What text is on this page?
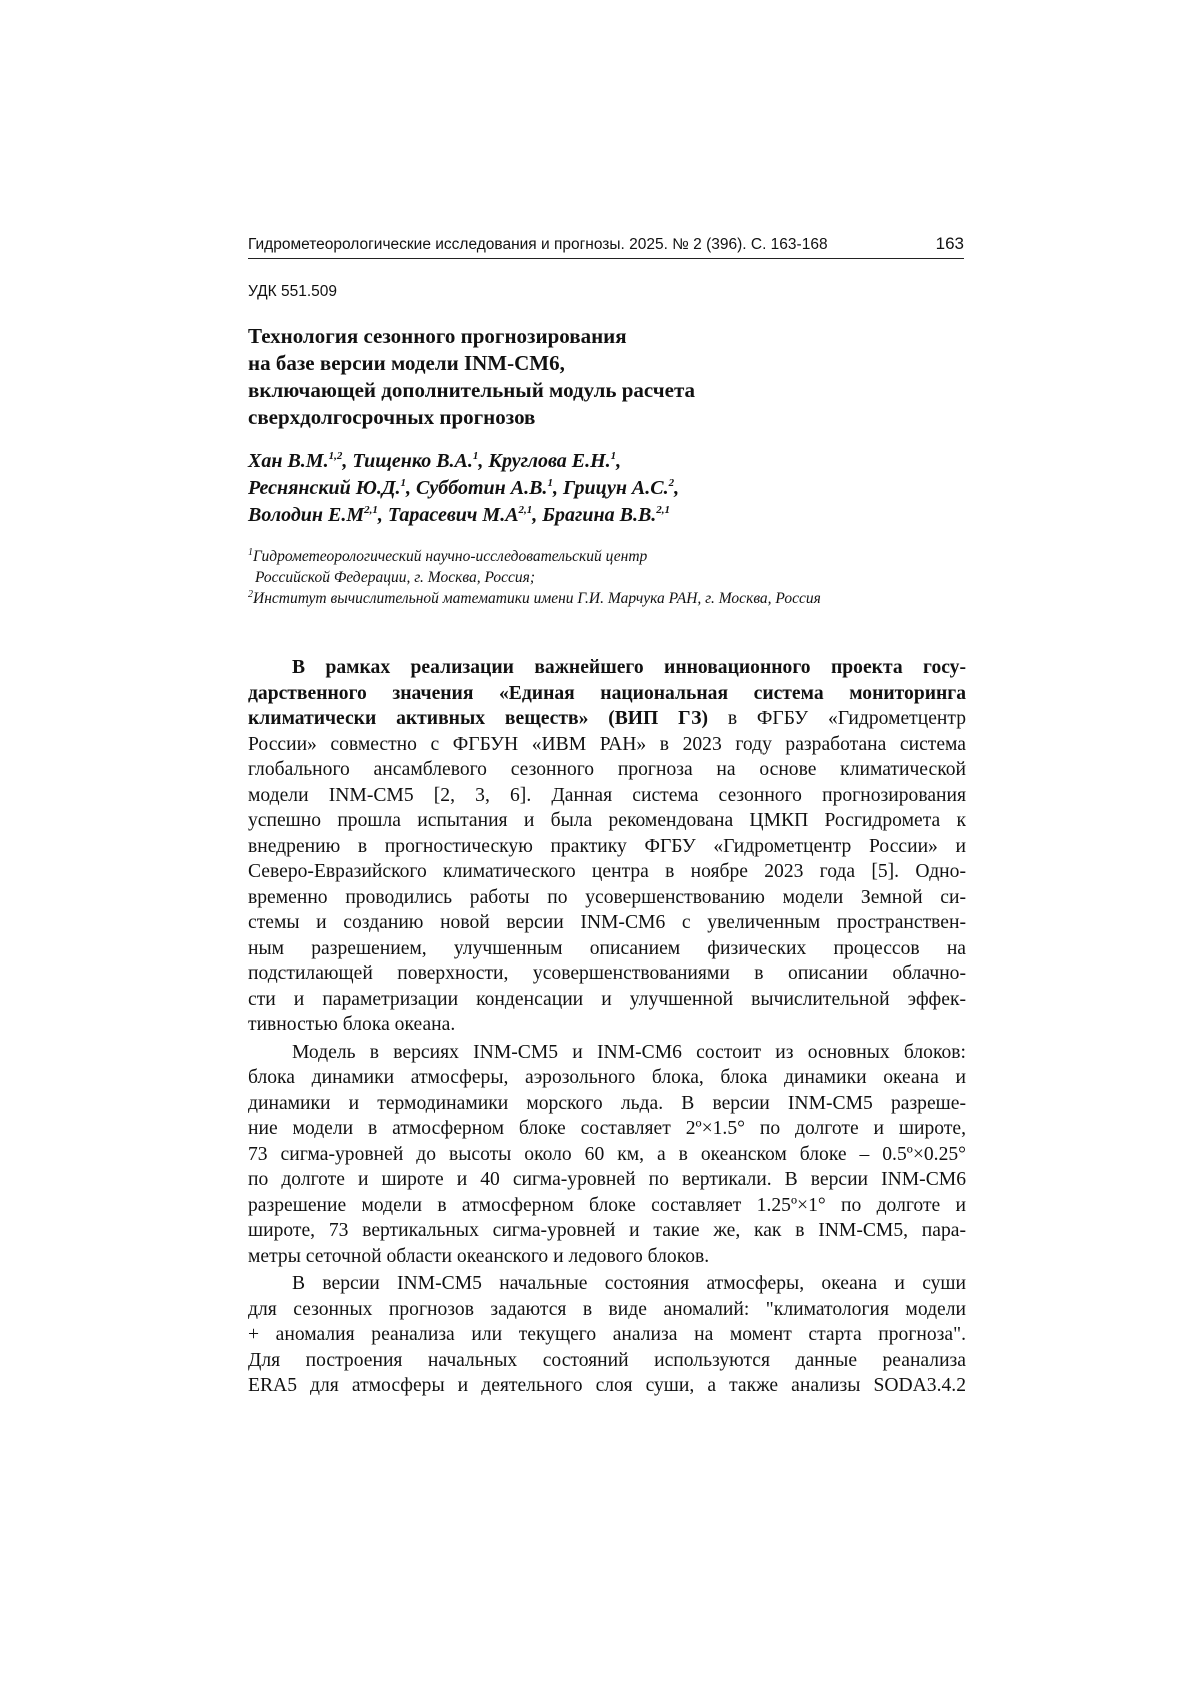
Гидрометеорологические исследования и прогнозы. 2025. № 2 (396). С. 163-168	163
УДК 551.509
Технология сезонного прогнозирования
на базе версии модели INM-CM6,
включающей дополнительный модуль расчета
сверхдолгосрочных прогнозов
Хан В.М.$^{1,2}$, Тищенко В.А.$^1$, Круглова Е.Н.$^1$,
Реснянский Ю.Д.$^1$, Субботин А.В.$^1$, Грицун А.С.$^2$,
Володин $Е.М^{2,1}$, Тарасевич $М.А^{2,1}$, Брагина В.В.$^{2,1}$
$^1$Гидрометеорологический научно-исследовательский центр
Российской Федерации, г. Москва, Россия;
$^2$Институт вычислительной математики имени Г.И. Марчука РАН, г. Москва, Россия
В рамках реализации важнейшего инновационного проекта госу-
дарственного значения «Единая национальная система мониторинга
климатически активных веществ» (ВИП ГЗ) в ФГБУ «Гидрометцентр
России» совместно с ФГБУН «ИВМ РАН» в 2023 году разработана система
глобального ансамблевого сезонного прогноза на основе климатической
модели INM-CM5 [2, 3, 6]. Данная система сезонного прогнозирования
успешно прошла испытания и была рекомендована ЦМКП Росгидромета к
внедрению в прогностическую практику ФГБУ «Гидрометцентр России» и
Северо-Евразийского климатического центра в ноябре 2023 года [5]. Одно-
временно проводились работы по усовершенствованию модели Земной си-
стемы и созданию новой версии INM-CM6 с увеличенным пространствен-
ным разрешением, улучшенным описанием физических процессов на
подстилающей поверхности, усовершенствованиями в описании облачно-
сти и параметризации конденсации и улучшенной вычислительной эффек-
тивностью блока океана.
Модель в версиях INM-CM5 и INM-CM6 состоит из основных блоков:
блока динамики атмосферы, аэрозольного блока, блока динамики океана и
динамики и термодинамики морского льда. В версии INM-CM5 разреше-
ние модели в атмосферном блоке составляет 2º×1.5° по долготе и широте,
73 сигма-уровней до высоты около 60 км, а в океанском блоке – 0.5º×0.25°
по долготе и широте и 40 сигма-уровней по вертикали. В версии INM-CM6
разрешение модели в атмосферном блоке составляет 1.25º×1° по долготе и
широте, 73 вертикальных сигма-уровней и такие же, как в INM-CM5, пара-
метры сеточной области океанского и ледового блоков.
В версии INM-CM5 начальные состояния атмосферы, океана и суши
для сезонных прогнозов задаются в виде аномалий: "климатология модели
+ аномалия реанализа или текущего анализа на момент старта прогноза".
Для построения начальных состояний используются данные реанализа
ERA5 для атмосферы и деятельного слоя суши, а также анализы SODA3.4.2
